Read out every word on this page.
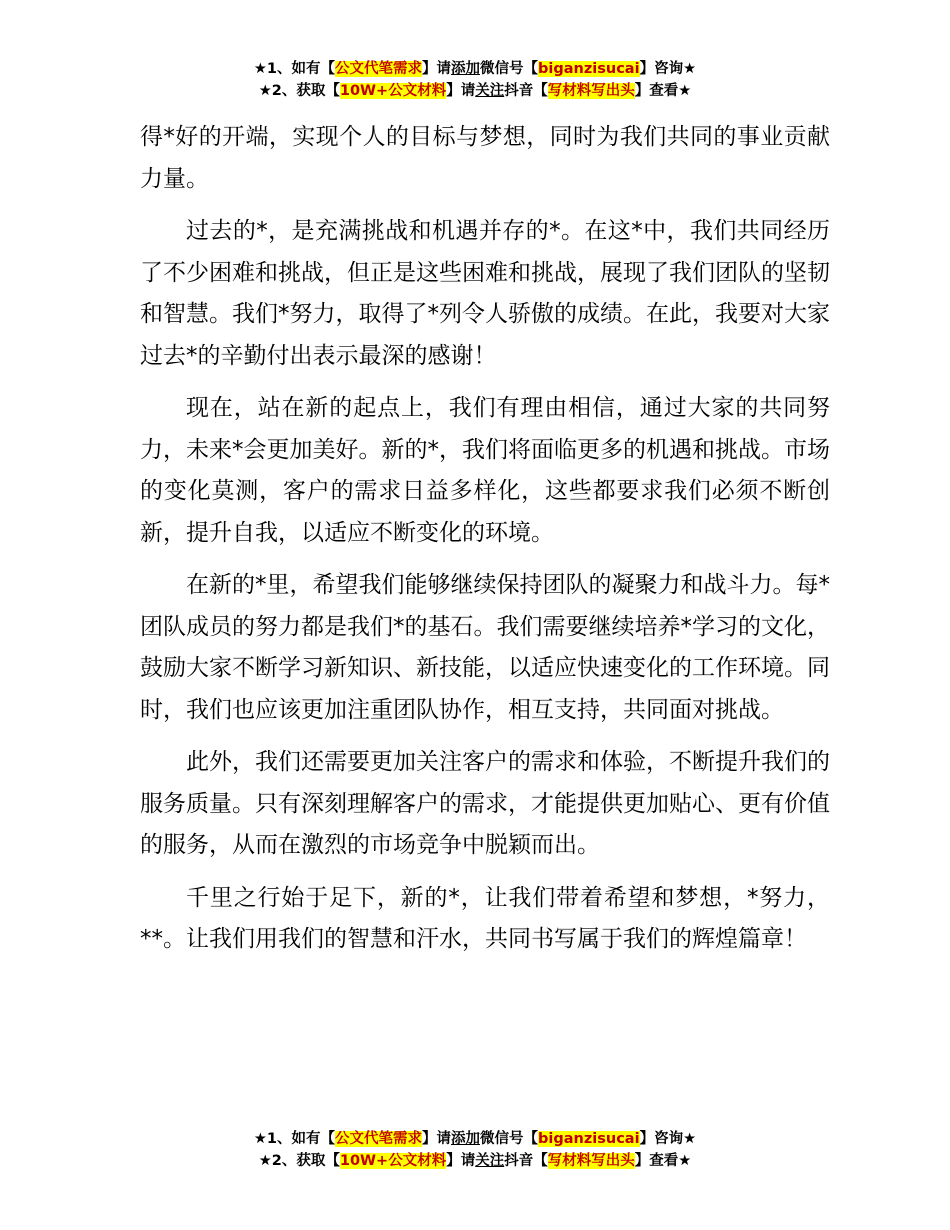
★1、如有【公文代笔需求】请添加微信号【biganzisucai】咨询★
★2、获取【10W+公文材料】请关注抖音【写材料写出头】查看★

得*好的开端，实现个人的目标与梦想，同时为我们共同的事业贡献力量。

过去的*，是充满挑战和机遇并存的*。在这*中，我们共同经历了不少困难和挑战，但正是这些困难和挑战，展现了我们团队的坚韧和智慧。我们*努力，取得了*列令人骄傲的成绩。在此，我要对大家过去*的辛勤付出表示最深的感谢！

现在，站在新的起点上，我们有理由相信，通过大家的共同努力，未来*会更加美好。新的*，我们将面临更多的机遇和挑战。市场的变化莫测，客户的需求日益多样化，这些都要求我们必须不断创新，提升自我，以适应不断变化的环境。

在新的*里，希望我们能够继续保持团队的凝聚力和战斗力。每*团队成员的努力都是我们*的基石。我们需要继续培养*学习的文化，鼓励大家不断学习新知识、新技能，以适应快速变化的工作环境。同时，我们也应该更加注重团队协作，相互支持，共同面对挑战。

此外，我们还需要更加关注客户的需求和体验，不断提升我们的服务质量。只有深刻理解客户的需求，才能提供更加贴心、更有价值的服务，从而在激烈的市场竞争中脱颖而出。

千里之行始于足下，新的*，让我们带着希望和梦想，*努力，**。让我们用我们的智慧和汗水，共同书写属于我们的辉煌篇章！

★1、如有【公文代笔需求】请添加微信号【biganzisucai】咨询★
★2、获取【10W+公文材料】请关注抖音【写材料写出头】查看★
